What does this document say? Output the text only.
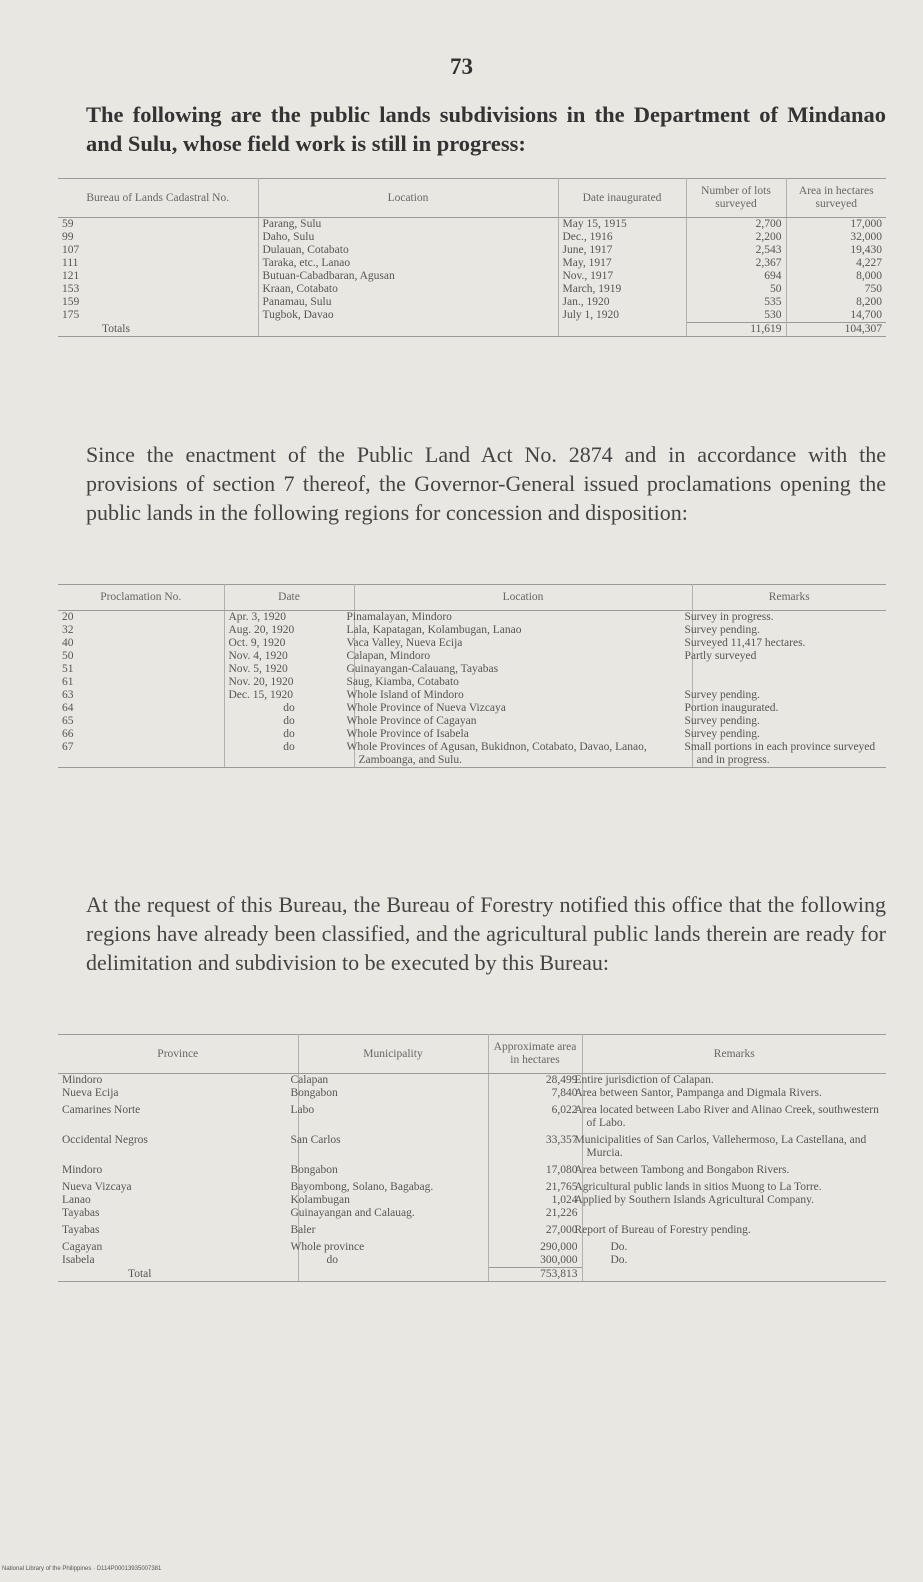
73
The following are the public lands subdivisions in the Department of Mindanao and Sulu, whose field work is still in progress:
Bureau of Lands Cadastral No.	Location	Date inaugurated	Number of lots surveyed	Area in hectares surveyed
59	Parang, Sulu	May 15, 1915	2,700	17,000
99	Daho, Sulu	Dec., 1916	2,200	32,000
107	Dulauan, Cotabato	June, 1917	2,543	19,430
111	Taraka, etc., Lanao	May, 1917	2,367	4,227
121	Butuan-Cabadbaran, Agusan	Nov., 1917	694	8,000
153	Kraan, Cotabato	March, 1919	50	750
159	Panamau, Sulu	Jan., 1920	535	8,200
175	Tugbok, Davao	July 1, 1920	530	14,700
Totals			11,619	104,307
Since the enactment of the Public Land Act No. 2874 and in accordance with the provisions of section 7 thereof, the Governor-General issued proclamations opening the public lands in the following regions for concession and disposition:
Proclamation No.	Date	Location	Remarks
20	Apr. 3, 1920	Pinamalayan, Mindoro	Survey in progress.
32	Aug. 20, 1920	Lala, Kapatagan, Kolambugan, Lanao	Survey pending.
40	Oct. 9, 1920	Vaca Valley, Nueva Ecija	Surveyed 11,417 hectares.
50	Nov. 4, 1920	Calapan, Mindoro	Partly surveyed
51	Nov. 5, 1920	Guinayangan-Calauang, Tayabas	
61	Nov. 20, 1920	Saug, Kiamba, Cotabato	
63	Dec. 15, 1920	Whole Island of Mindoro	Survey pending.
64	do	Whole Province of Nueva Vizcaya	Portion inaugurated.
65	do	Whole Province of Cagayan	Survey pending.
66	do	Whole Province of Isabela	Survey pending.
67	do	Whole Provinces of Agusan, Bukidnon, Cotabato, Davao, Lanao, Zamboanga, and Sulu.	Small portions in each province surveyed and in progress.
At the request of this Bureau, the Bureau of Forestry notified this office that the following regions have already been classified, and the agricultural public lands therein are ready for delimitation and subdivision to be executed by this Bureau:
Province	Municipality	Approximate area in hectares	Remarks
Mindoro	Calapan	28,499	Entire jurisdiction of Calapan.
Nueva Ecija	Bongabon	7,840	Area between Santor, Pampanga and Digmala Rivers.
Camarines Norte	Labo	6,022	Area located between Labo River and Alinao Creek, southwestern of Labo.
Occidental Negros	San Carlos	33,357	Municipalities of San Carlos, Vallehermoso, La Castellana, and Murcia.
Mindoro	Bongabon	17,080	Area between Tambong and Bongabon Rivers.
Nueva Vizcaya	Bayombong, Solano, Bagabag.	21,765	Agricultural public lands in sitios Muong to La Torre.
Lanao	Kolambugan	1,024	Applied by Southern Islands Agricultural Company.
Tayabas	Guinayangan and Calauag.	21,226	
Tayabas	Baler	27,000	Report of Bureau of Forestry pending.
Cagayan	Whole province	290,000	Do.
Isabela	do	300,000	Do.
Total		753,813	
National Library of the Philippines · D114P00013935007381
